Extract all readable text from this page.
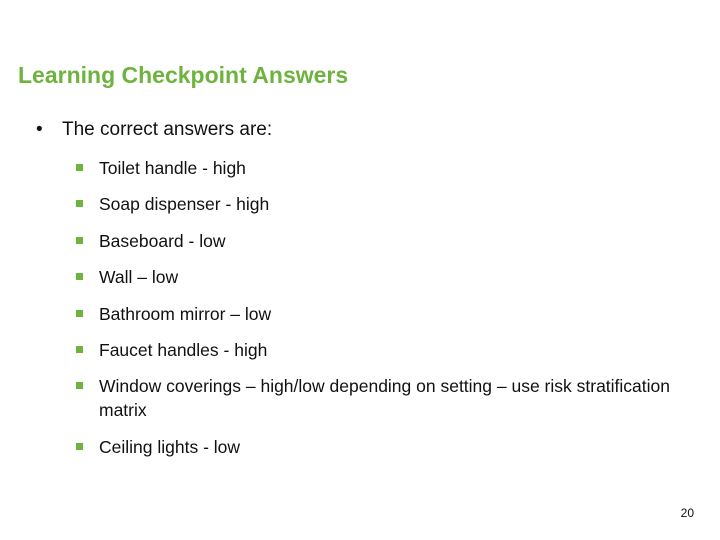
Learning Checkpoint Answers
• The correct answers are:
Toilet handle - high
Soap dispenser - high
Baseboard - low
Wall – low
Bathroom mirror – low
Faucet handles - high
Window coverings – high/low depending on setting – use risk stratification matrix
Ceiling lights - low
20
